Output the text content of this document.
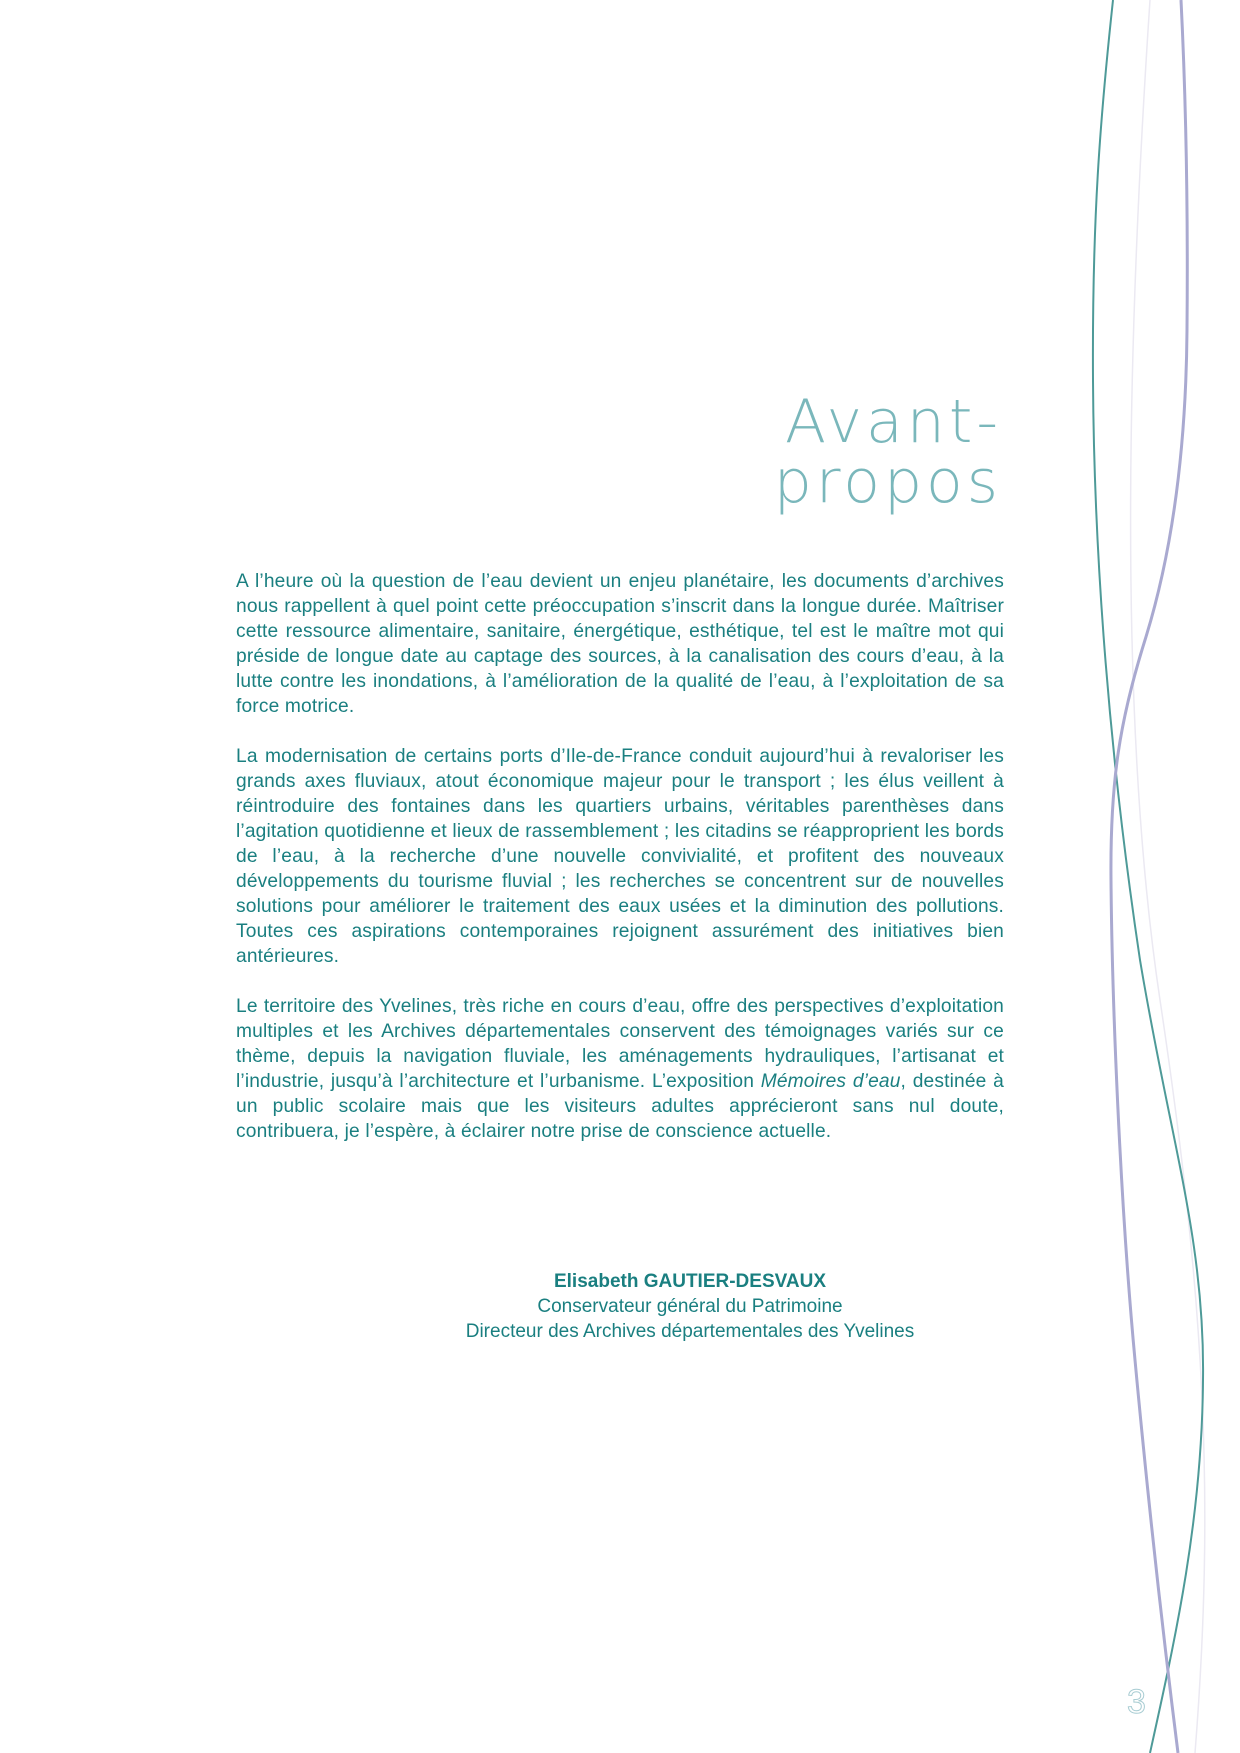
Avant-propos

A l’heure où la question de l’eau devient un enjeu planétaire, les documents d’archives nous rappellent à quel point cette préoccupation s’inscrit dans la longue durée. Maîtriser cette ressource alimentaire, sanitaire, énergétique, esthétique, tel est le maître mot qui préside de longue date au captage des sources, à la canalisation des cours d’eau, à la lutte contre les inondations, à l’amélioration de la qualité de l’eau, à l’exploitation de sa force motrice.

La modernisation de certains ports d’Ile-de-France conduit aujourd’hui à revaloriser les grands axes fluviaux, atout économique majeur pour le transport ; les élus veillent à réintroduire des fontaines dans les quartiers urbains, véritables parenthèses dans l’agitation quotidienne et lieux de rassemblement ; les citadins se réapproprient les bords de l’eau, à la recherche d’une nouvelle convivialité, et profitent des nouveaux développements du tourisme fluvial ; les recherches se concentrent sur de nouvelles solutions pour améliorer le traitement des eaux usées et la diminution des pollutions. Toutes ces aspirations contemporaines rejoignent assurément des initiatives bien antérieures.

Le territoire des Yvelines, très riche en cours d’eau, offre des perspectives d’exploitation multiples et les Archives départementales conservent des témoignages variés sur ce thème, depuis la navigation fluviale, les aménagements hydrauliques, l’artisanat et l’industrie, jusqu’à l’architecture et l’urbanisme. L’exposition Mémoires d’eau, destinée à un public scolaire mais que les visiteurs adultes apprécieront sans nul doute, contribuera, je l’espère, à éclairer notre prise de conscience actuelle.

Elisabeth GAUTIER-DESVAUX
Conservateur général du Patrimoine
Directeur des Archives départementales des Yvelines
3
